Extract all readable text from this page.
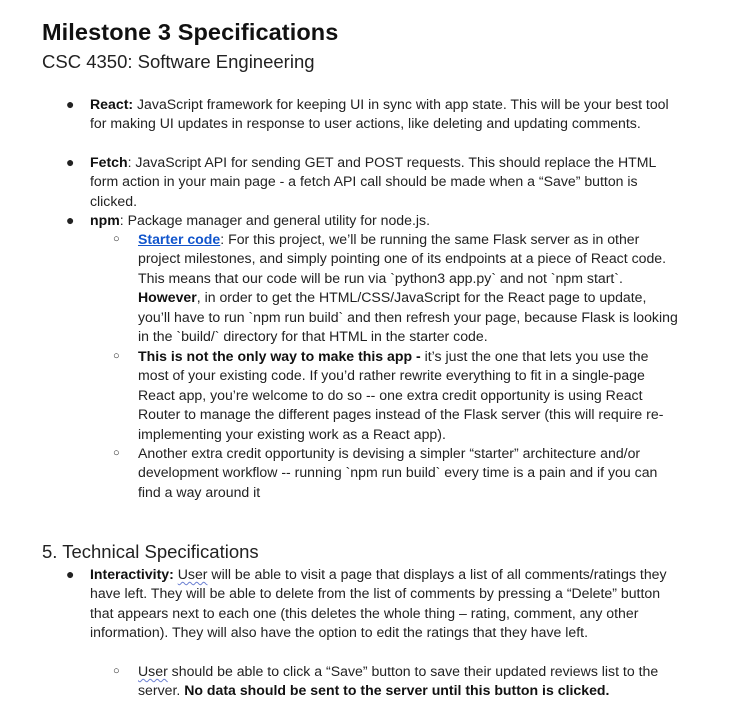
Milestone 3 Specifications
CSC 4350: Software Engineering
● React: JavaScript framework for keeping UI in sync with app state. This will be your best tool for making UI updates in response to user actions, like deleting and updating comments.

● Fetch: JavaScript API for sending GET and POST requests. This should replace the HTML form action in your main page - a fetch API call should be made when a “Save” button is clicked.

● npm: Package manager and general utility for node.js.

○ Starter code: For this project, we’ll be running the same Flask server as in other project milestones, and simply pointing one of its endpoints at a piece of React code. This means that our code will be run via `python3 app.py` and not `npm start`. However, in order to get the HTML/CSS/JavaScript for the React page to update, you’ll have to run `npm run build` and then refresh your page, because Flask is looking in the `build/` directory for that HTML in the starter code.

○ This is not the only way to make this app - it’s just the one that lets you use the most of your existing code. If you’d rather rewrite everything to fit in a single-page React app, you’re welcome to do so -- one extra credit opportunity is using React Router to manage the different pages instead of the Flask server (this will require re-implementing your existing work as a React app).

○ Another extra credit opportunity is devising a simpler “starter” architecture and/or development workflow -- running `npm run build` every time is a pain and if you can find a way around it

5. Technical Specifications
● Interactivity: User will be able to visit a page that displays a list of all comments/ratings they have left. They will be able to delete from the list of comments by pressing a “Delete” button that appears next to each one (this deletes the whole thing – rating, comment, any other information). They will also have the option to edit the ratings that they have left.

○ User should be able to click a “Save” button to save their updated reviews list to the server. No data should be sent to the server until this button is clicked.
